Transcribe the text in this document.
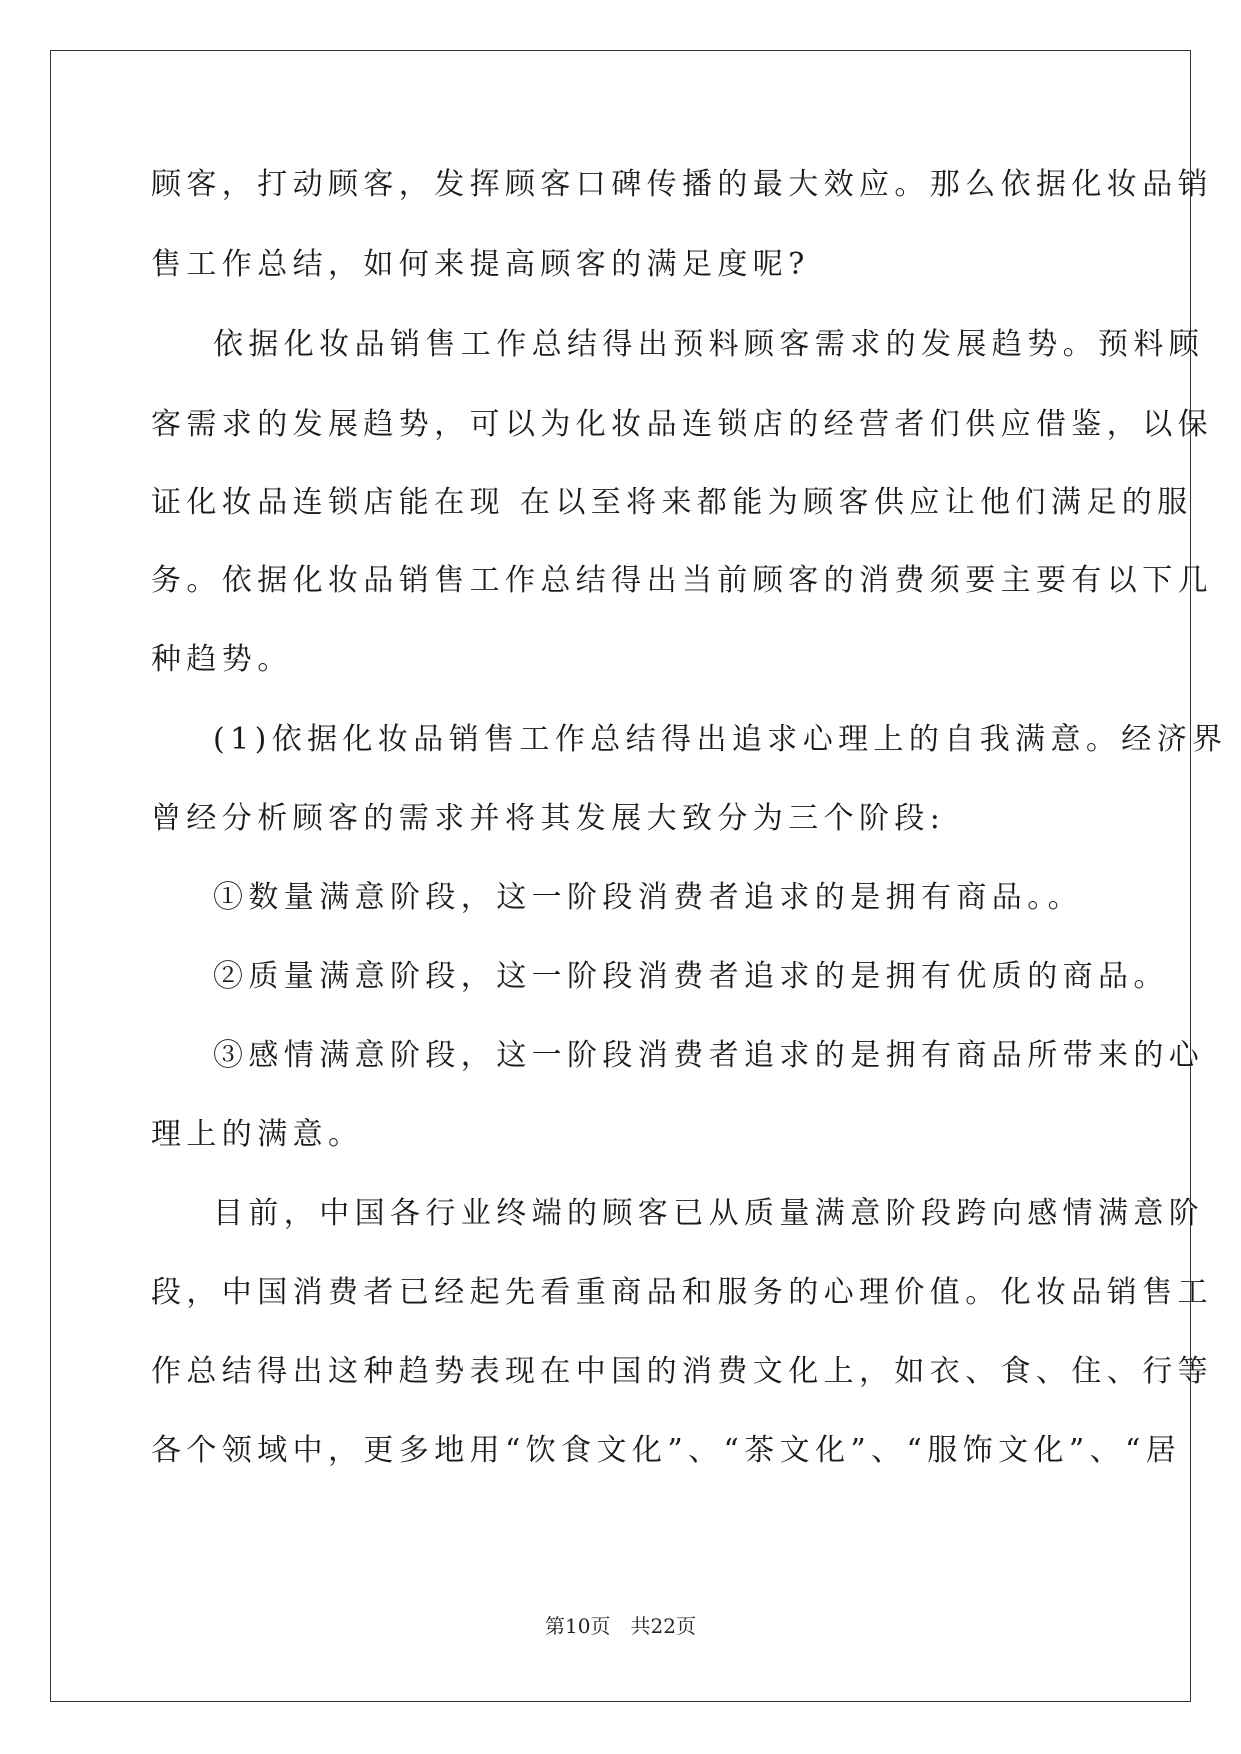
顾客，打动顾客，发挥顾客口碑传播的最大效应。那么依据化妆品销
售工作总结，如何来提高顾客的满足度呢?
依据化妆品销售工作总结得出预料顾客需求的发展趋势。预料顾
客需求的发展趋势，可以为化妆品连锁店的经营者们供应借鉴，以保
证化妆品连锁店能在现 在以至将来都能为顾客供应让他们满足的服
务。依据化妆品销售工作总结得出当前顾客的消费须要主要有以下几
种趋势。
(1)依据化妆品销售工作总结得出追求心理上的自我满意。经济界
曾经分析顾客的需求并将其发展大致分为三个阶段:
①数量满意阶段，这一阶段消费者追求的是拥有商品。。
②质量满意阶段，这一阶段消费者追求的是拥有优质的商品。
③感情满意阶段，这一阶段消费者追求的是拥有商品所带来的心
理上的满意。
目前，中国各行业终端的顾客已从质量满意阶段跨向感情满意阶
段，中国消费者已经起先看重商品和服务的心理价值。化妆品销售工
作总结得出这种趋势表现在中国的消费文化上，如衣、食、住、行等
各个领域中，更多地用“饮食文化”、“茶文化”、“服饰文化”、“居
第10页 共22页
